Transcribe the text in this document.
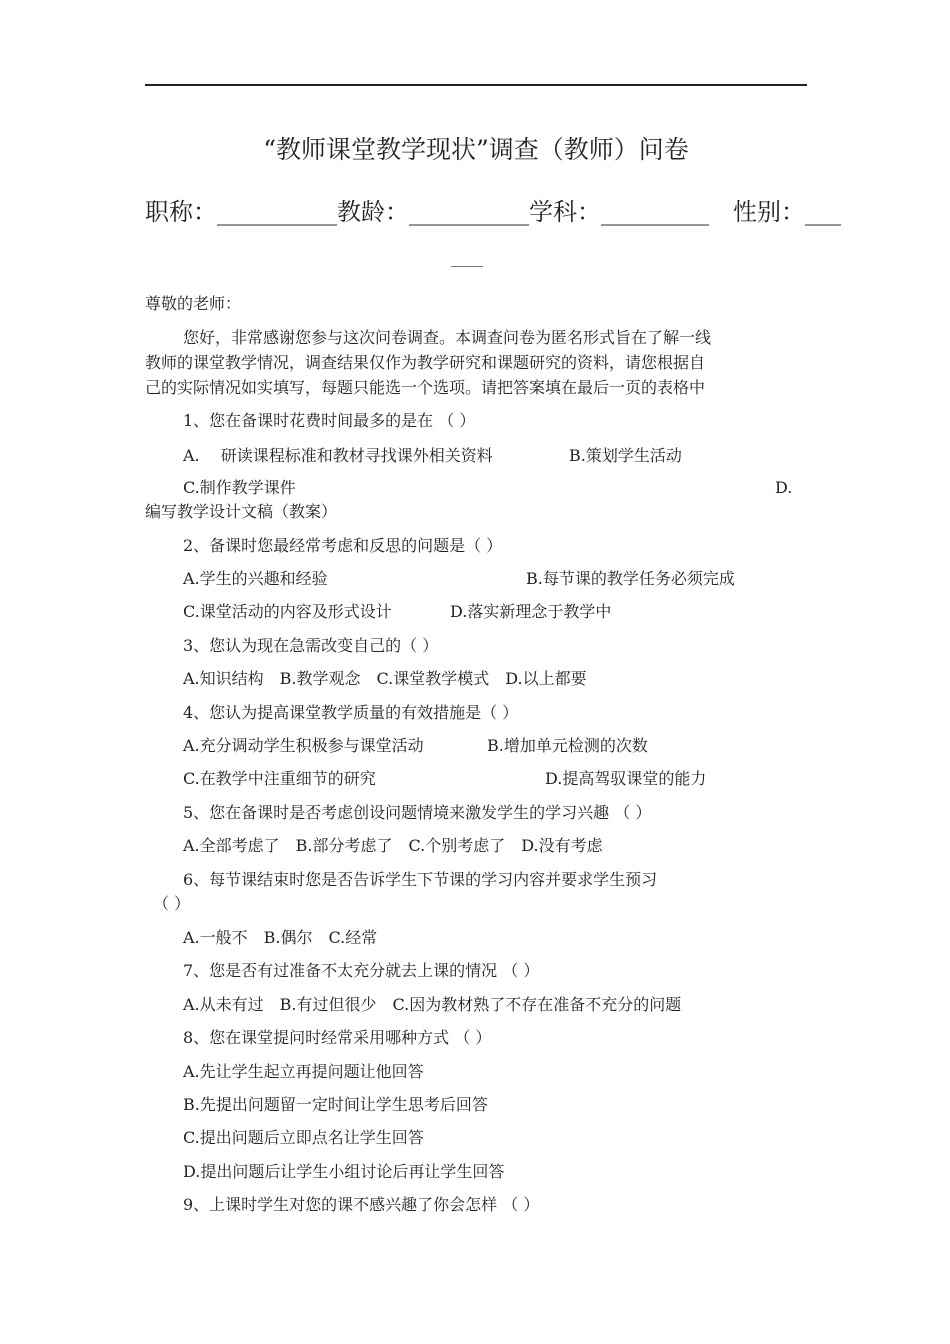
“教师课堂教学现状”调查（教师）问卷
职称：__________教龄：__________学科：_________　 性别：___
____
尊敬的老师：
您好，非常感谢您参与这次问卷调查。本调查问卷为匿名形式旨在了解一线
教师的课堂教学情况，调查结果仅作为教学研究和课题研究的资料，请您根据自
己的实际情况如实填写，每题只能选一个选项。请把答案填在最后一页的表格中
1、您在备课时花费时间最多的是在 （ ）
A.　 研读课程标准和教材寻找课外相关资料	B.策划学生活动
C.制作教学课件	D.
编写教学设计文稿（教案）
2、备课时您最经常考虑和反思的问题是（ ）
A.学生的兴趣和经验	B.每节课的教学任务必须完成
C.课堂活动的内容及形式设计	D.落实新理念于教学中
3、您认为现在急需改变自己的（ ）
A.知识结构　B.教学观念　C.课堂教学模式　D.以上都要
4、您认为提高课堂教学质量的有效措施是（ ）
A.充分调动学生积极参与课堂活动	B.增加单元检测的次数
C.在教学中注重细节的研究	D.提高驾驭课堂的能力
5、您在备课时是否考虑创设问题情境来激发学生的学习兴趣 （ ）
A.全部考虑了　B.部分考虑了　C.个别考虑了　D.没有考虑
6、每节课结束时您是否告诉学生下节课的学习内容并要求学生预习
（ ）
A.一般不　B.偶尔　C.经常
7、您是否有过准备不太充分就去上课的情况 （ ）
A.从未有过　B.有过但很少　C.因为教材熟了不存在准备不充分的问题
8、您在课堂提问时经常采用哪种方式 （ ）
A.先让学生起立再提问题让他回答
B.先提出问题留一定时间让学生思考后回答
C.提出问题后立即点名让学生回答
D.提出问题后让学生小组讨论后再让学生回答
9、上课时学生对您的课不感兴趣了你会怎样 （ ）
